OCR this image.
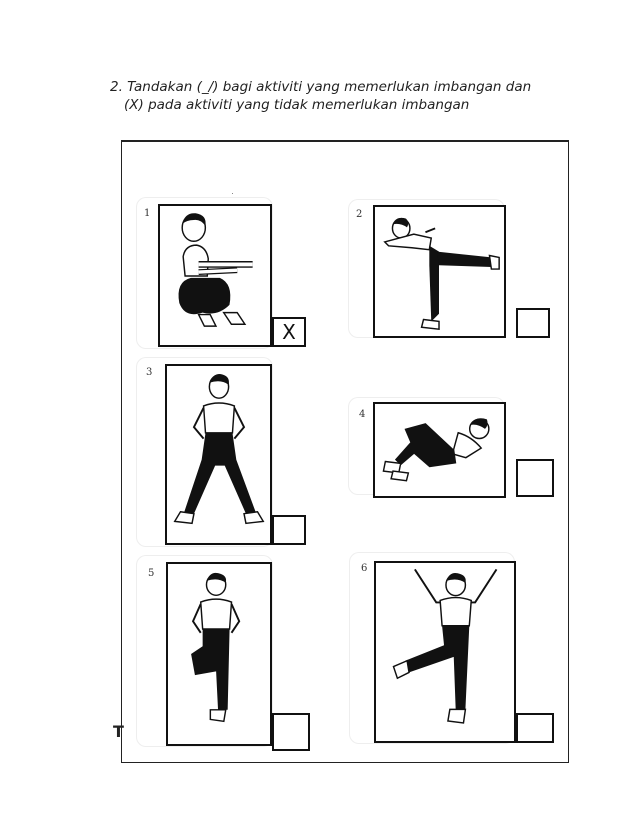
2. Tandakan (_/) bagi aktiviti yang memerlukan imbangan dan
(X) pada aktiviti yang tidak memerlukan imbangan
1
X
2
3
4
5	6
T
